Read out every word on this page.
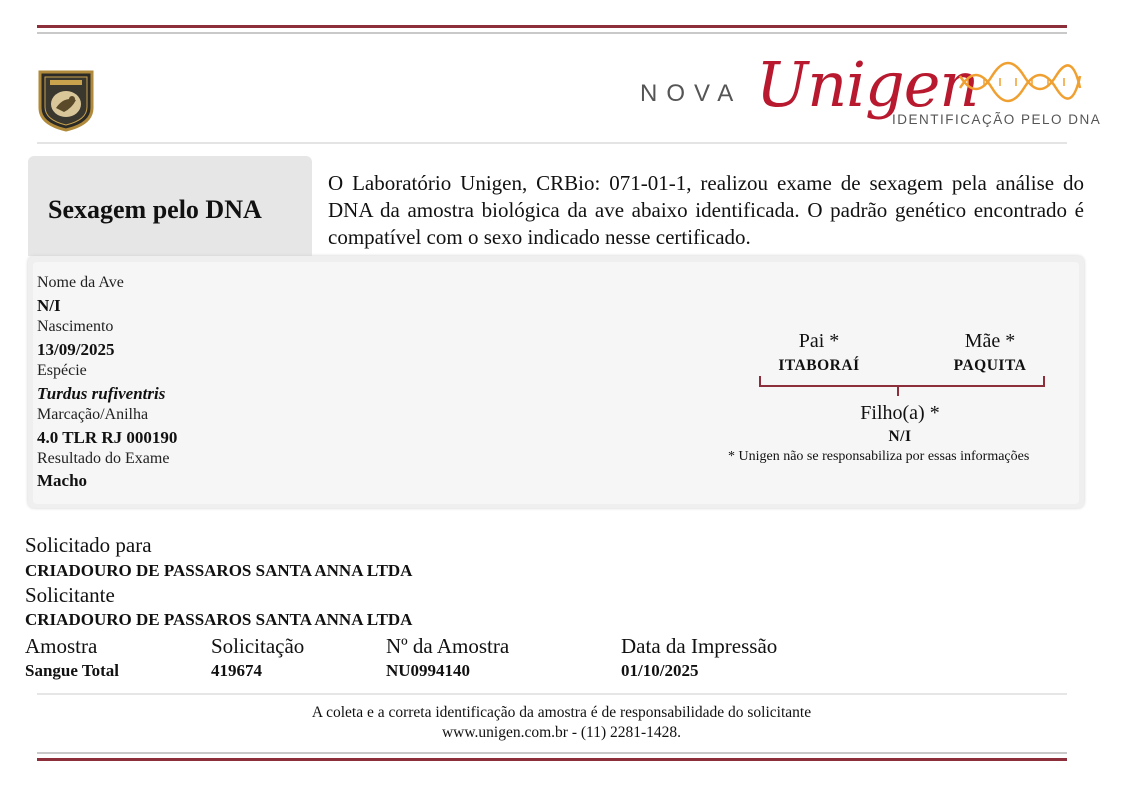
NOVA Unigen
IDENTIFICAÇÃO PELO DNA
Sexagem pelo DNA
O Laboratório Unigen, CRBio: 071-01-1, realizou exame de sexagem pela análise do DNA da amostra biológica da ave abaixo identificada. O padrão genético encontrado é compatível com o sexo indicado nesse certificado.
Nome da Ave
N/I
Nascimento
13/09/2025
Espécie
Turdus rufiventris
Marcação/Anilha
4.0 TLR RJ 000190
Resultado do Exame
Macho
Pai *
ITABORAÍ
Mãe *
PAQUITA
Filho(a) *
N/I
* Unigen não se responsabiliza por essas informações
Solicitado para
CRIADOURO DE PASSAROS SANTA ANNA LTDA
Solicitante
CRIADOURO DE PASSAROS SANTA ANNA LTDA
Amostra
Sangue Total
Solicitação
419674
Nº da Amostra
NU0994140
Data da Impressão
01/10/2025
A coleta e a correta identificação da amostra é de responsabilidade do solicitante
www.unigen.com.br - (11) 2281-1428.
